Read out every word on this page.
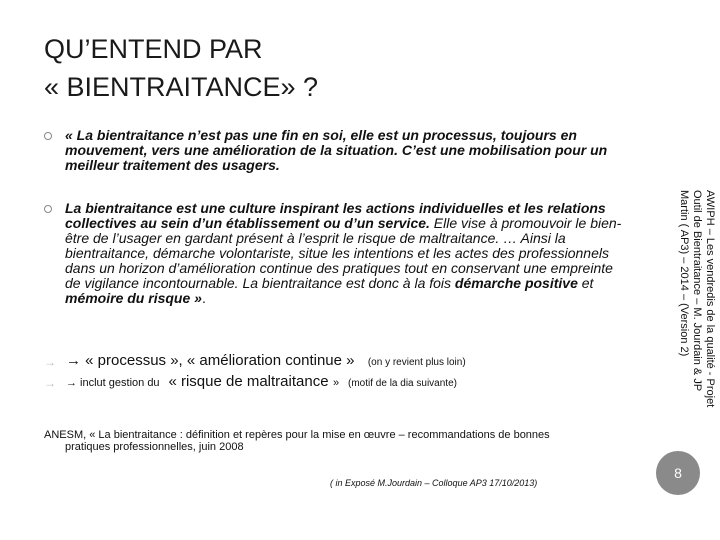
QU’ENTEND PAR
« BIENTRAITANCE» ?
« La bientraitance n’est pas une fin en soi, elle est un processus, toujours en mouvement, vers une amélioration de la situation. C’est une mobilisation pour un meilleur traitement des usagers.
La bientraitance est une culture inspirant les actions individuelles et les relations collectives au sein d’un établissement ou d’un service. Elle vise à promouvoir le bien-être de l’usager en gardant présent à l’esprit le risque de maltraitance. … Ainsi la bientraitance, démarche volontariste, situe les intentions et les actes des professionnels dans un horizon d’amélioration continue des pratiques tout en conservant une empreinte de vigilance incontournable. La bientraitance est donc à la fois démarche positive et mémoire du risque ».
→ → « processus », « amélioration continue » (on y revient plus loin)
→ → inclut gestion du « risque de maltraitance » (motif de la dia suivante)
ANESM, « La bientraitance : définition et repères pour la mise en œuvre – recommandations de bonnes
pratiques professionnelles, juin 2008
( in Exposé M.Jourdain – Colloque AP3 17/10/2013)
AWIPH – Les vendredis de la qualité - Projet Outil de Bientraitance – M. Jourdain & JP Martin ( AP3) – 2014 – (Version 2)
8
